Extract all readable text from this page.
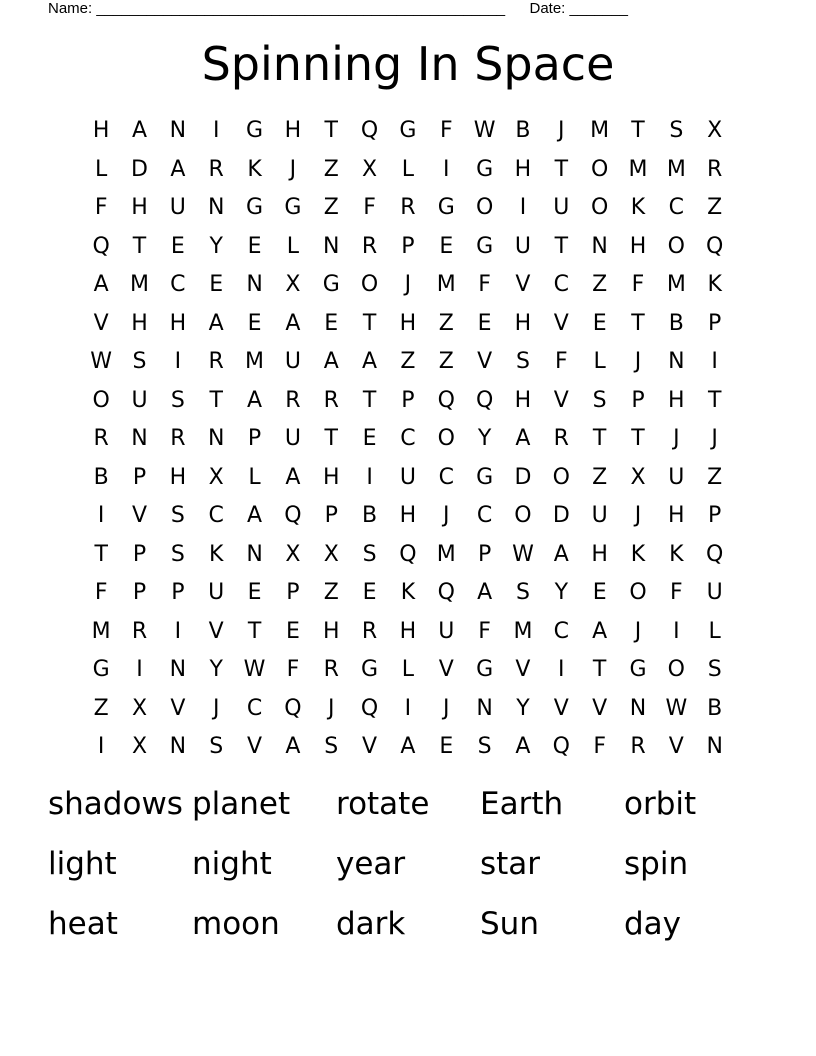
Name: _________________________________________________ Date: _______
Spinning In Space
H	A	N	I	G H	T	Q G	F W B	J	M	T	S	X
L	D	A	R	K	J	Z	X	L	I	G H	T	O M M R
F	H	U	N G G	Z	F	R	G O	I	U O	K	C	Z
Q	T	E	Y	E	L	N	R	P	E	G U	T	N H O Q
A M C	E	N	X	G O	J	M	F	V	C	Z	F	M K
V	H H	A	E	A	E	T	H	Z	E	H	V	E	T	B	P
W S	I	R M U	A	A	Z	Z	V	S	F	L	J	N	I
O U	S	T	A	R	R	T	P	Q Q H	V	S	P	H	T
R	N	R	N	P	U	T	E	C O	Y	A	R	T	T	J	J
B	P	H	X	L	A	H	I	U	C	G D O	Z	X	U	Z
I	V	S	C	A	Q	P	B	H	J	C O D U	J	H	P
T	P	S	K	N	X	X	S	Q M	P W A	H	K	K	Q
F	P	P	U	E	P	Z	E	K	Q	A	S	Y	E	O	F	U
M R	I	V	T	E	H	R	H	U	F	M C	A	J	I	L
G	I	N	Y W F	R	G	L	V	G	V	I	T	G O	S
Z	X	V	J	C Q	J	Q	I	J	N	Y	V	V	N W B
I	X	N	S	V	A	S	V	A	E	S	A	Q	F	R	V	N
shadows planet	rotate	Earth	orbit
light	night	year	star	spin
heat	moon	dark	Sun	day
